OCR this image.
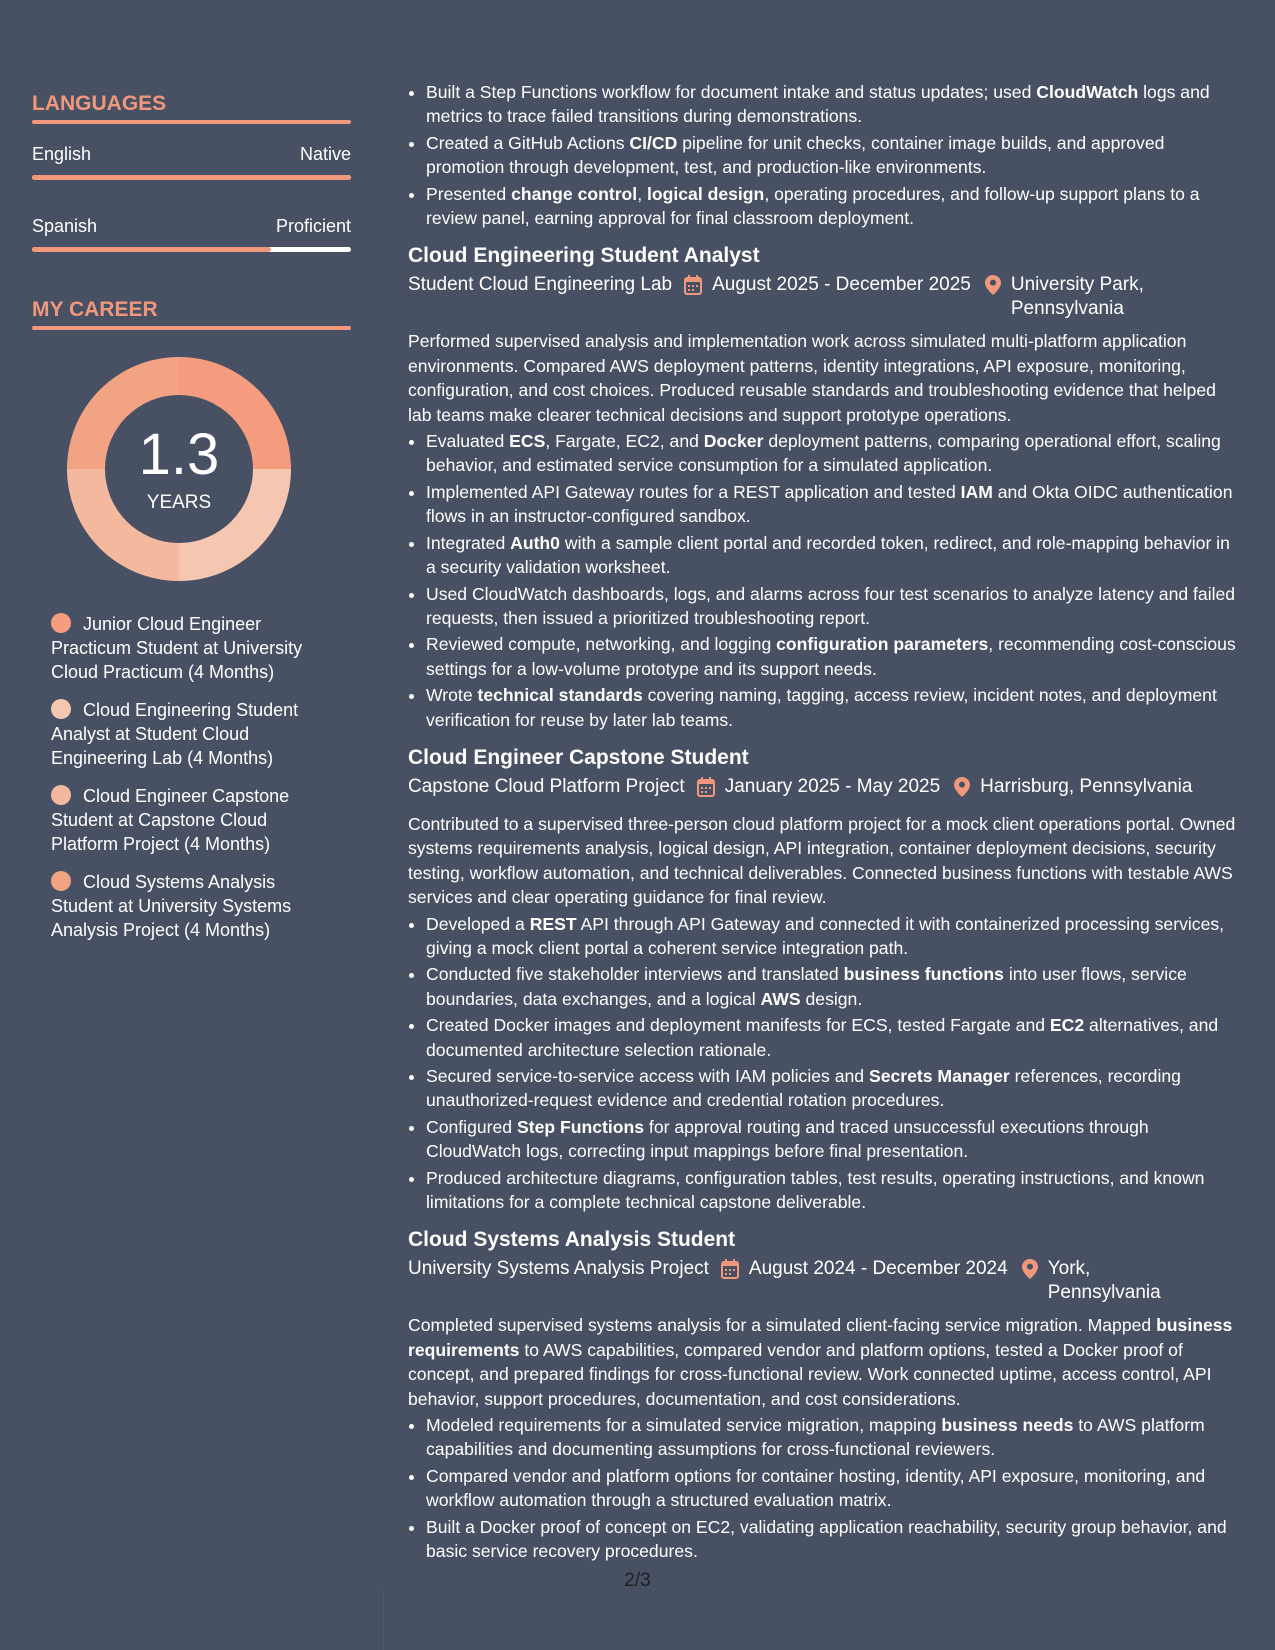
LANGUAGES
English	Native
Spanish	Proficient
MY CAREER
1.3
YEARS
Junior Cloud Engineer Practicum Student at University Cloud Practicum (4 Months)
Cloud Engineering Student Analyst at Student Cloud Engineering Lab (4 Months)
Cloud Engineer Capstone Student at Capstone Cloud Platform Project (4 Months)
Cloud Systems Analysis Student at University Systems Analysis Project (4 Months)
• Built a Step Functions workflow for document intake and status updates; used CloudWatch logs and metrics to trace failed transitions during demonstrations.
• Created a GitHub Actions CI/CD pipeline for unit checks, container image builds, and approved promotion through development, test, and production-like environments.
• Presented change control, logical design, operating procedures, and follow-up support plans to a review panel, earning approval for final classroom deployment.
Cloud Engineering Student Analyst
Student Cloud Engineering Lab August 2025 - December 2025 University Park, Pennsylvania
Performed supervised analysis and implementation work across simulated multi-platform application environments. Compared AWS deployment patterns, identity integrations, API exposure, monitoring, configuration, and cost choices. Produced reusable standards and troubleshooting evidence that helped lab teams make clearer technical decisions and support prototype operations.
• Evaluated ECS, Fargate, EC2, and Docker deployment patterns, comparing operational effort, scaling behavior, and estimated service consumption for a simulated application.
• Implemented API Gateway routes for a REST application and tested IAM and Okta OIDC authentication flows in an instructor-configured sandbox.
• Integrated Auth0 with a sample client portal and recorded token, redirect, and role-mapping behavior in a security validation worksheet.
• Used CloudWatch dashboards, logs, and alarms across four test scenarios to analyze latency and failed requests, then issued a prioritized troubleshooting report.
• Reviewed compute, networking, and logging configuration parameters, recommending cost-conscious settings for a low-volume prototype and its support needs.
• Wrote technical standards covering naming, tagging, access review, incident notes, and deployment verification for reuse by later lab teams.
Cloud Engineer Capstone Student
Capstone Cloud Platform Project January 2025 - May 2025 Harrisburg, Pennsylvania
Contributed to a supervised three-person cloud platform project for a mock client operations portal. Owned systems requirements analysis, logical design, API integration, container deployment decisions, security testing, workflow automation, and technical deliverables. Connected business functions with testable AWS services and clear operating guidance for final review.
• Developed a REST API through API Gateway and connected it with containerized processing services, giving a mock client portal a coherent service integration path.
• Conducted five stakeholder interviews and translated business functions into user flows, service boundaries, data exchanges, and a logical AWS design.
• Created Docker images and deployment manifests for ECS, tested Fargate and EC2 alternatives, and documented architecture selection rationale.
• Secured service-to-service access with IAM policies and Secrets Manager references, recording unauthorized-request evidence and credential rotation procedures.
• Configured Step Functions for approval routing and traced unsuccessful executions through CloudWatch logs, correcting input mappings before final presentation.
• Produced architecture diagrams, configuration tables, test results, operating instructions, and known limitations for a complete technical capstone deliverable.
Cloud Systems Analysis Student
University Systems Analysis Project August 2024 - December 2024 York, Pennsylvania
Completed supervised systems analysis for a simulated client-facing service migration. Mapped business requirements to AWS capabilities, compared vendor and platform options, tested a Docker proof of concept, and prepared findings for cross-functional review. Work connected uptime, access control, API behavior, support procedures, documentation, and cost considerations.
• Modeled requirements for a simulated service migration, mapping business needs to AWS platform capabilities and documenting assumptions for cross-functional reviewers.
• Compared vendor and platform options for container hosting, identity, API exposure, monitoring, and workflow automation through a structured evaluation matrix.
• Built a Docker proof of concept on EC2, validating application reachability, security group behavior, and basic service recovery procedures.
2/3
